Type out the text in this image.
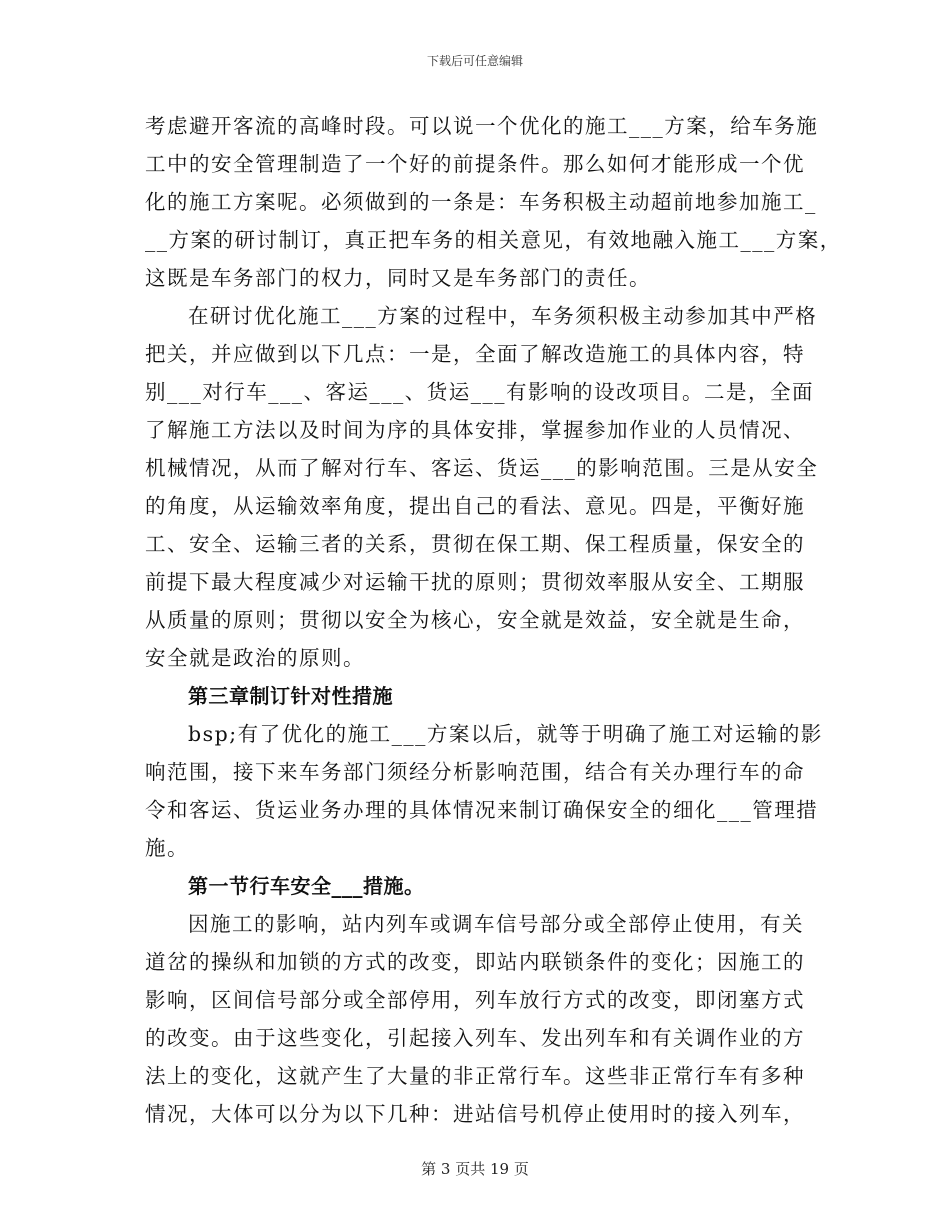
下载后可任意编辑
考虑避开客流的高峰时段。可以说一个优化的施工___方案，给车务施
工中的安全管理制造了一个好的前提条件。那么如何才能形成一个优
化的施工方案呢。必须做到的一条是：车务积极主动超前地参加施工_
__方案的研讨制订，真正把车务的相关意见，有效地融入施工___方案，
这既是车务部门的权力，同时又是车务部门的责任。
在研讨优化施工___方案的过程中，车务须积极主动参加其中严格
把关，并应做到以下几点：一是，全面了解改造施工的具体内容，特
别___对行车___、客运___、货运___有影响的设改项目。二是，全面
了解施工方法以及时间为序的具体安排，掌握参加作业的人员情况、
机械情况，从而了解对行车、客运、货运___的影响范围。三是从安全
的角度，从运输效率角度，提出自己的看法、意见。四是，平衡好施
工、安全、运输三者的关系，贯彻在保工期、保工程质量，保安全的
前提下最大程度减少对运输干扰的原则；贯彻效率服从安全、工期服
从质量的原则；贯彻以安全为核心，安全就是效益，安全就是生命，
安全就是政治的原则。
第三章制订针对性措施
bsp;有了优化的施工___方案以后，就等于明确了施工对运输的影
响范围，接下来车务部门须经分析影响范围，结合有关办理行车的命
令和客运、货运业务办理的具体情况来制订确保安全的细化___管理措
施。
第一节行车安全___措施。
因施工的影响，站内列车或调车信号部分或全部停止使用，有关
道岔的操纵和加锁的方式的改变，即站内联锁条件的变化；因施工的
影响，区间信号部分或全部停用，列车放行方式的改变，即闭塞方式
的改变。由于这些变化，引起接入列车、发出列车和有关调作业的方
法上的变化，这就产生了大量的非正常行车。这些非正常行车有多种
情况，大体可以分为以下几种：进站信号机停止使用时的接入列车，
第 3 页共 19 页
